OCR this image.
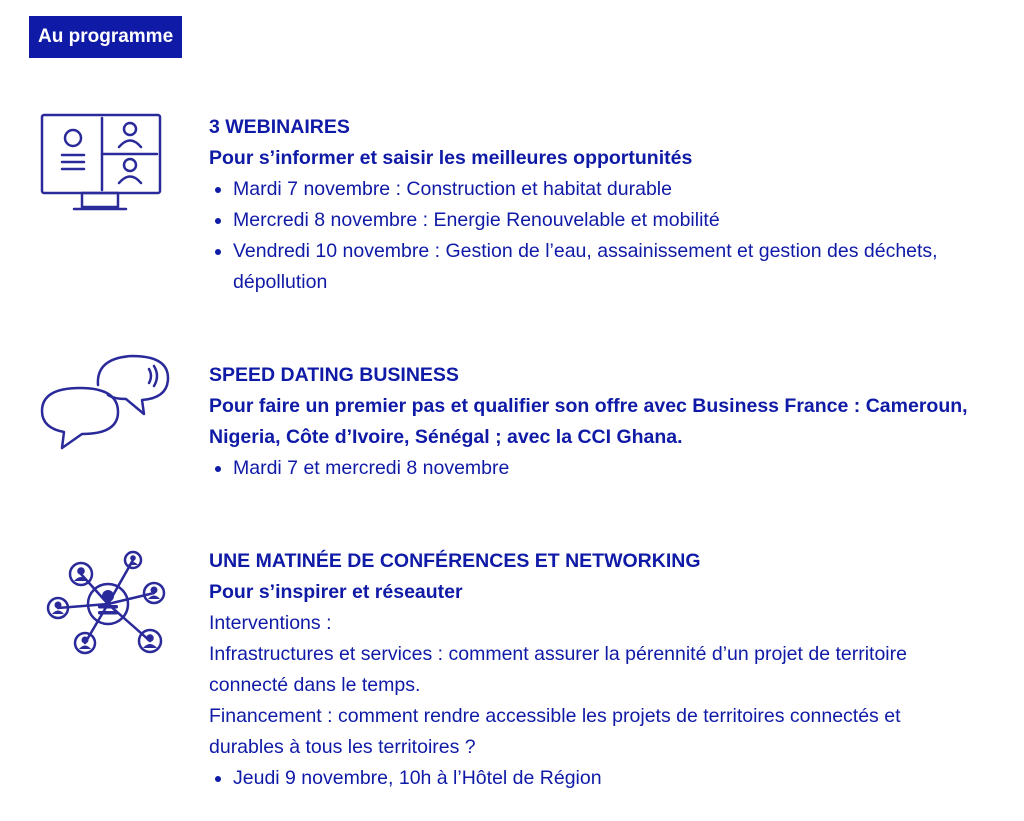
Au programme
3 WEBINAIRES
Pour s’informer et saisir les meilleures opportunités
Mardi 7 novembre : Construction et habitat durable
Mercredi 8 novembre : Energie Renouvelable et mobilité
Vendredi 10 novembre : Gestion de l’eau, assainissement et gestion des déchets, dépollution
SPEED DATING BUSINESS
Pour faire un premier pas et qualifier son offre avec Business France : Cameroun, Nigeria, Côte d’Ivoire, Sénégal ; avec la CCI Ghana.
Mardi 7 et mercredi 8 novembre
UNE MATINÉE DE CONFÉRENCES ET NETWORKING
Pour s’inspirer et réseauter
Interventions :
Infrastructures et services : comment assurer la pérennité d’un projet de territoire connecté dans le temps.
Financement : comment rendre accessible les projets de territoires connectés et durables à tous les territoires ?
Jeudi 9 novembre, 10h à l’Hôtel de Région
